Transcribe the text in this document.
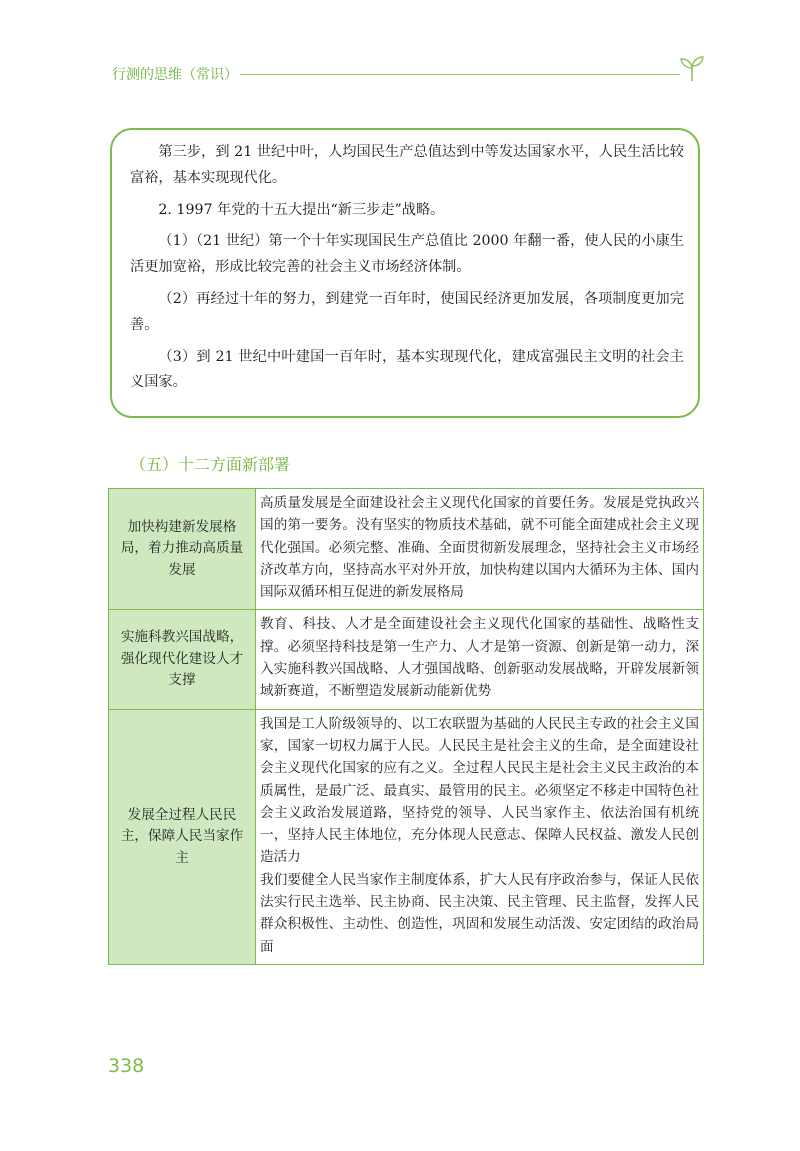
行测的思维（常识）

第三步，到 21 世纪中叶，人均国民生产总值达到中等发达国家水平，人民生活比较富裕，基本实现现代化。

2. 1997 年党的十五大提出“新三步走”战略。

（1）（21 世纪）第一个十年实现国民生产总值比 2000 年翻一番，使人民的小康生活更加宽裕，形成比较完善的社会主义市场经济体制。

（2）再经过十年的努力，到建党一百年时，使国民经济更加发展，各项制度更加完善。

（3）到 21 世纪中叶建国一百年时，基本实现现代化，建成富强民主文明的社会主义国家。

（五）十二方面新部署
加快构建新发展格局，着力推动高质量发展	高质量发展是全面建设社会主义现代化国家的首要任务。发展是党执政兴国的第一要务。没有坚实的物质技术基础，就不可能全面建成社会主义现代化强国。必须完整、准确、全面贯彻新发展理念，坚持社会主义市场经济改革方向，坚持高水平对外开放，加快构建以国内大循环为主体、国内国际双循环相互促进的新发展格局

实施科教兴国战略，强化现代化建设人才支撑	教育、科技、人才是全面建设社会主义现代化国家的基础性、战略性支撑。必须坚持科技是第一生产力、人才是第一资源、创新是第一动力，深入实施科教兴国战略、人才强国战略、创新驱动发展战略，开辟发展新领域新赛道，不断塑造发展新动能新优势

发展全过程人民民主，保障人民当家作主	我国是工人阶级领导的、以工农联盟为基础的人民民主专政的社会主义国家，国家一切权力属于人民。人民民主是社会主义的生命，是全面建设社会主义现代化国家的应有之义。全过程人民民主是社会主义民主政治的本质属性，是最广泛、最真实、最管用的民主。必须坚定不移走中国特色社会主义政治发展道路，坚持党的领导、人民当家作主、依法治国有机统一，坚持人民主体地位，充分体现人民意志、保障人民权益、激发人民创造活力

我们要健全人民当家作主制度体系，扩大人民有序政治参与，保证人民依法实行民主选举、民主协商、民主决策、民主管理、民主监督，发挥人民群众积极性、主动性、创造性，巩固和发展生动活泼、安定团结的政治局面

338
